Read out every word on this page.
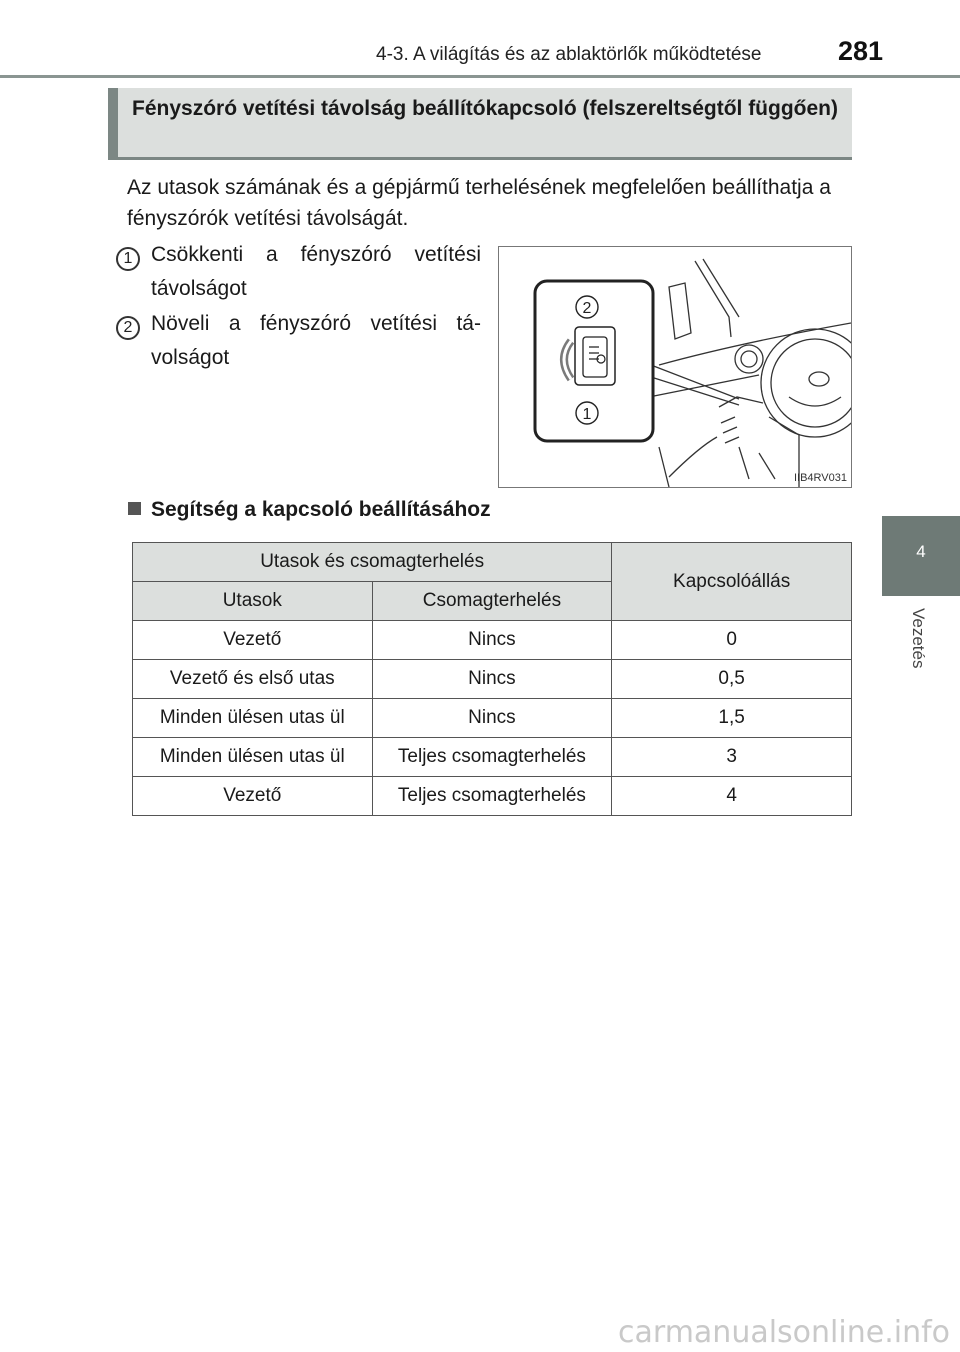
4-3. A világítás és az ablaktörlők működtetése	281
4
Vezetés
Fényszóró vetítési távolság beállítókapcsoló (felszereltségtől függően)
Az utasok számának és a gépjármű terhelésének megfelelően beállíthatja a fényszórók vetítési távolságát.
1 Csökkenti a fényszóró vetítési távolságot
2 Növeli a fényszóró vetítési távolságot
2
1
IIB4RV031
Segítség a kapcsoló beállításához
Utasok és csomagterhelés		Kapcsolóállás
Utasok	Csomagterhelés	
Vezető	Nincs	0
Vezető és első utas	Nincs	0,5
Minden ülésen utas ül	Nincs	1,5
Minden ülésen utas ül	Teljes csomagterhelés	3
Vezető	Teljes csomagterhelés	4
carmanualsonline.info
